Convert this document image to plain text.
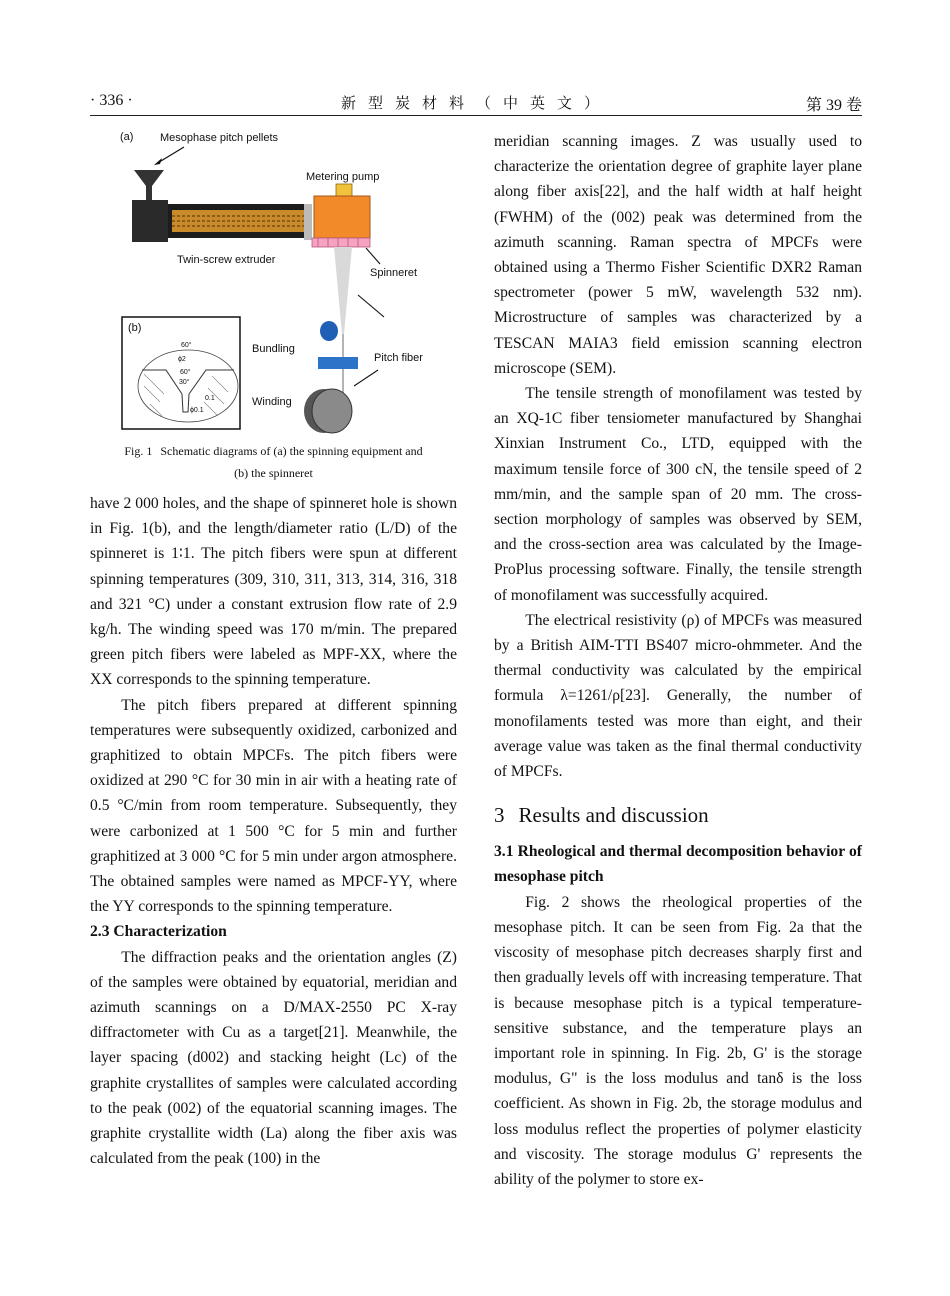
· 336 ·	新型炭材料（中英文）	第 39 卷
(a) Mesophase pitch pellets
Metering pump
Twin-screw extruder
Spinneret
Bundling
Pitch fiber
Winding
(b)
60°
ϕ2
60°
30°
ϕ0.1
0.1
Fig. 1 Schematic diagrams of (a) the spinning equipment and
(b) the spinneret

have 2 000 holes, and the shape of spinneret hole is shown in Fig. 1(b), and the length/diameter ratio (L/D) of the spinneret is 1∶1. The pitch fibers were spun at different spinning temperatures (309, 310, 311, 313, 314, 316, 318 and 321 °C) under a constant extrusion flow rate of 2.9 kg/h. The winding speed was 170 m/min. The prepared green pitch fibers were labeled as MPF-XX, where the XX corresponds to the spinning temperature.

The pitch fibers prepared at different spinning temperatures were subsequently oxidized, carbonized and graphitized to obtain MPCFs. The pitch fibers were oxidized at 290 °C for 30 min in air with a heating rate of 0.5 °C/min from room temperature. Subsequently, they were carbonized at 1 500 °C for 5 min and further graphitized at 3 000 °C for 5 min under argon atmosphere. The obtained samples were named as MPCF-YY, where the YY corresponds to the spinning temperature.

2.3 Characterization

The diffraction peaks and the orientation angles (Z) of the samples were obtained by equatorial, meridian and azimuth scannings on a D/MAX-2550 PC X-ray diffractometer with Cu as a target[21]. Meanwhile, the layer spacing (d002) and stacking height (Lc) of the graphite crystallites of samples were calculated according to the peak (002) of the equatorial scanning images. The graphite crystallite width (La) along the fiber axis was calculated from the peak (100) in the

meridian scanning images. Z was usually used to characterize the orientation degree of graphite layer plane along fiber axis[22], and the half width at half height (FWHM) of the (002) peak was determined from the azimuth scanning. Raman spectra of MPCFs were obtained using a Thermo Fisher Scientific DXR2 Raman spectrometer (power 5 mW, wavelength 532 nm). Microstructure of samples was characterized by a TESCAN MAIA3 field emission scanning electron microscope (SEM).

The tensile strength of monofilament was tested by an XQ-1C fiber tensiometer manufactured by Shanghai Xinxian Instrument Co., LTD, equipped with the maximum tensile force of 300 cN, the tensile speed of 2 mm/min, and the sample span of 20 mm. The cross-section morphology of samples was observed by SEM, and the cross-section area was calculated by the Image-ProPlus processing software. Finally, the tensile strength of monofilament was successfully acquired.

The electrical resistivity (ρ) of MPCFs was measured by a British AIM-TTI BS407 micro-ohmmeter. And the thermal conductivity was calculated by the empirical formula λ=1261/ρ[23]. Generally, the number of monofilaments tested was more than eight, and their average value was taken as the final thermal conductivity of MPCFs.

3 Results and discussion

3.1 Rheological and thermal decomposition behavior of mesophase pitch

Fig. 2 shows the rheological properties of the mesophase pitch. It can be seen from Fig. 2a that the viscosity of mesophase pitch decreases sharply first and then gradually levels off with increasing temperature. That is because mesophase pitch is a typical temperature-sensitive substance, and the temperature plays an important role in spinning. In Fig. 2b, G' is the storage modulus, G" is the loss modulus and tanδ is the loss coefficient. As shown in Fig. 2b, the storage modulus and loss modulus reflect the properties of polymer elasticity and viscosity. The storage modulus G' represents the ability of the polymer to store ex-
